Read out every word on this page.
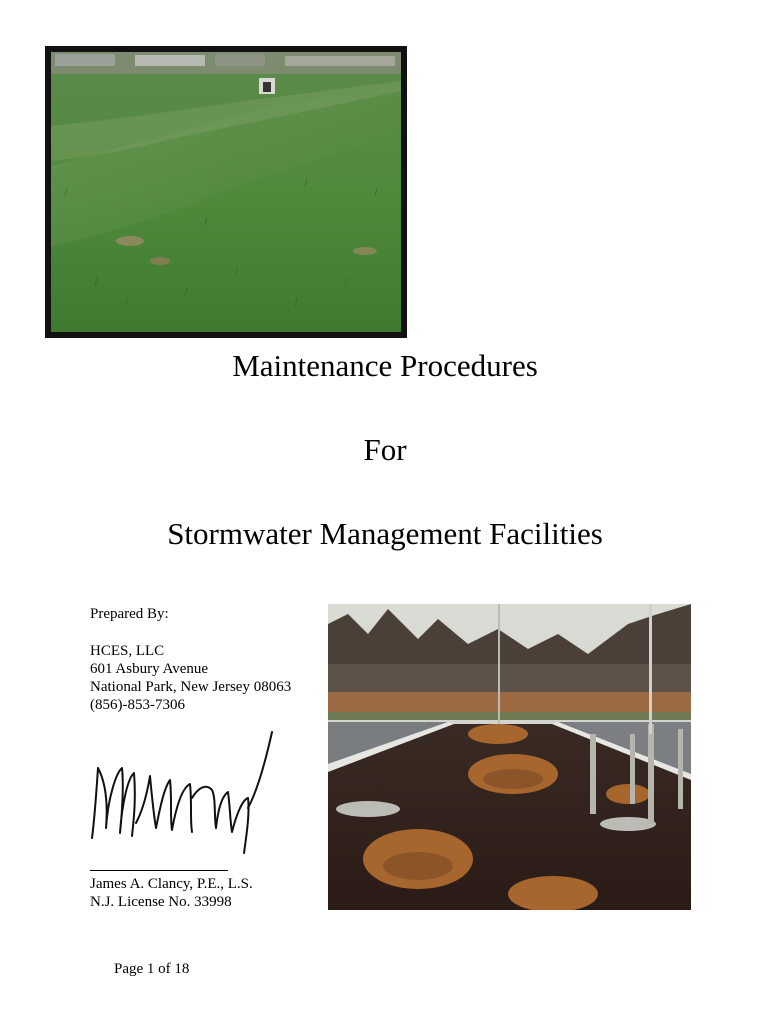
Maintenance Procedures
For
Stormwater Management Facilities
Prepared By:
HCES, LLC
601 Asbury Avenue
National Park, New Jersey 08063
(856)-853-7306
James A. Clancy, P.E., L.S.
N.J. License No. 33998
Page 1 of 18
